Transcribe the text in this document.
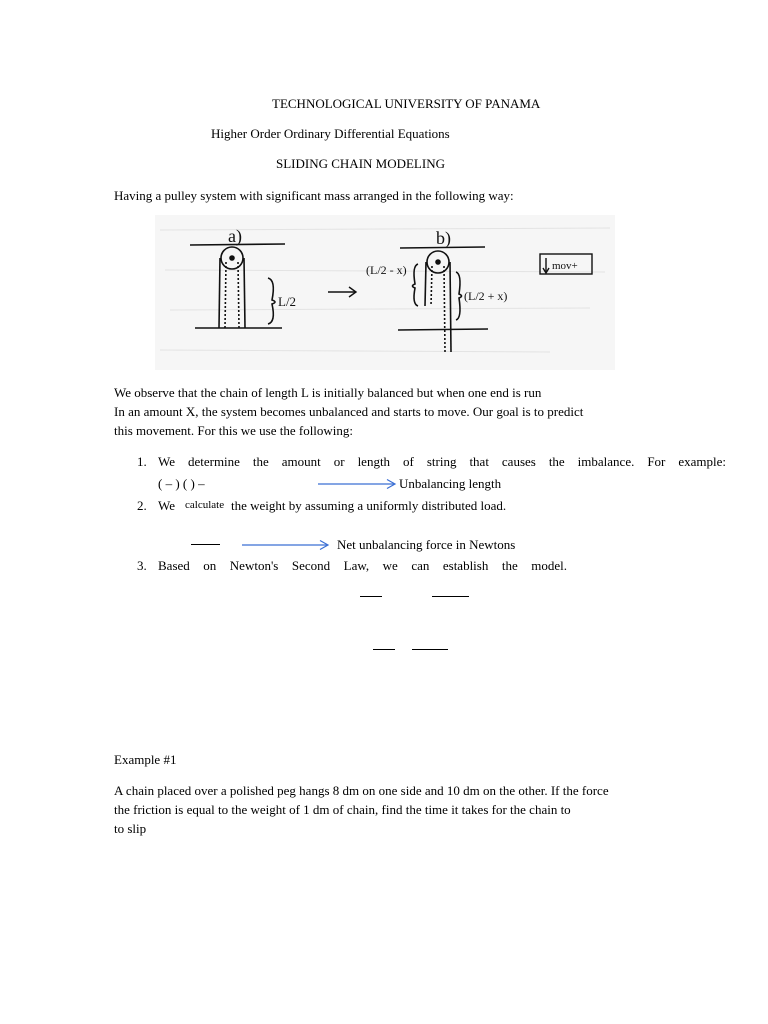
TECHNOLOGICAL UNIVERSITY OF PANAMA
Higher Order Ordinary Differential Equations
SLIDING CHAIN MODELING
Having a pulley system with significant mass arranged in the following way:
a)
L/2
b)
(L/2 - x)
(L/2 + x)
mov+
We observe that the chain of length L is initially balanced but when one end is run
In an amount X, the system becomes unbalanced and starts to move. Our goal is to predict
this movement. For this we use the following:
1. We determine the amount or length of string that causes the imbalance. For example:
( – ) ( ) –	Unbalancing length
2. We calculate the weight by assuming a uniformly distributed load.
Net unbalancing force in Newtons
3. Based on Newton's Second Law, we can establish the model.
Example #1
A chain placed over a polished peg hangs 8 dm on one side and 10 dm on the other. If the force
the friction is equal to the weight of 1 dm of chain, find the time it takes for the chain to
to slip
